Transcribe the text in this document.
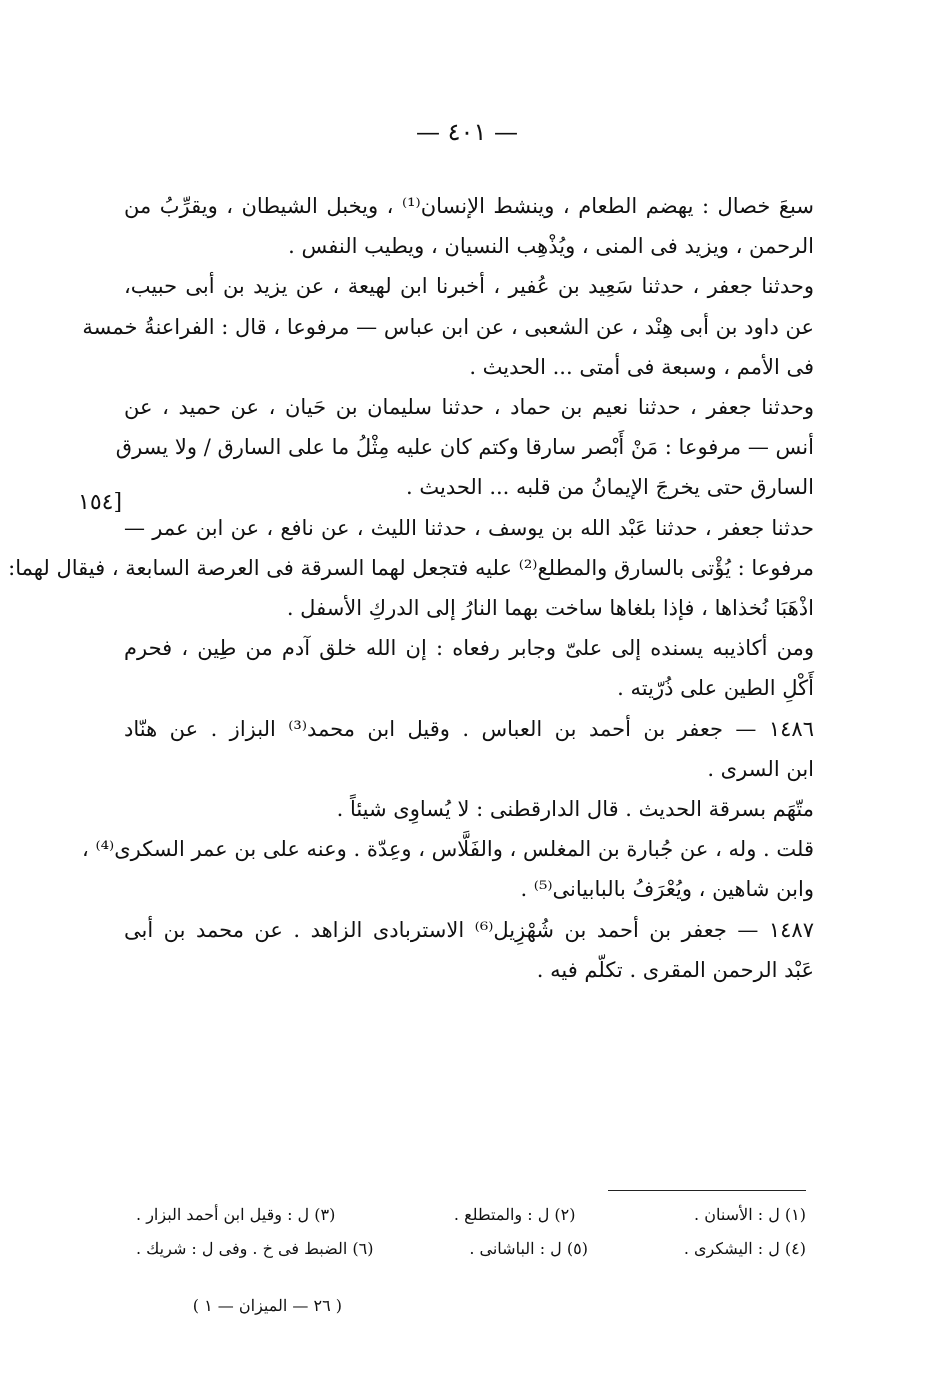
— ٤٠١ —
[١٥٤
سبعَ خصال : يهضم الطعام ، وينشط الإنسان⁽¹⁾ ، ويخبل الشيطان ، ويقرِّبُ من
الرحمن ، ويزيد فى المنى ، ويُذْهِب النسيان ، ويطيب النفس .
وحدثنا جعفر ، حدثنا سَعِيد بن عُفير ، أخبرنا ابن لهيعة ، عن يزيد بن أبى حبيب،
عن داود بن أبى هِنْد ، عن الشعبى ، عن ابن عباس — مرفوعا ، قال : الفراعنةُ خمسة
فى الأمم ، وسبعة فى أمتى ... الحديث .
وحدثنا جعفر ، حدثنا نعيم بن حماد ، حدثنا سليمان بن حَيان ، عن حميد ، عن
أنس — مرفوعا : مَنْ أَبْصر سارقا وكتم كان عليه مِثْلُ ما على السارق / ولا يسرق
السارق حتى يخرجَ الإيمانُ من قلبه ... الحديث .
حدثنا جعفر ، حدثنا عَبْد الله بن يوسف ، حدثنا الليث ، عن نافع ، عن ابن عمر —
مرفوعا : يُؤْتى بالسارق والمطلع⁽²⁾ عليه فتجعل لهما السرقة فى العرصة السابعة ، فيقال لهما:
اذْهَبَا نُخذاها ، فإذا بلغاها ساخت بهما النارُ إلى الدركِ الأسفل .
ومن أكاذيبه يسنده إلى علىّ وجابر رفعاه : إن الله خلق آدم من طِين ، فحرم
أَكْلِ الطين على ذُرّيته .
١٤٨٦ — جعفر بن أحمد بن العباس . وقيل ابن محمد⁽³⁾ البزاز . عن هنّاد
ابن السرى .
متّهَم بسرقة الحديث . قال الدارقطنى : لا يُساوِى شيئاً .
قلت . وله ، عن جُبارة بن المغلس ، والفَلَّاس ، وعِدّة . وعنه على بن عمر السكرى⁽⁴⁾ ،
وابن شاهين ، ويُعْرَفُ بالبابيانى⁽⁵⁾ .
١٤٨٧ — جعفر بن أحمد بن شُهْزِيل⁽⁶⁾ الاستربادى الزاهد . عن محمد بن أبى
عَبْد الرحمن المقرى . تكلّم فيه .
(١) ل : الأسنان .
(٢) ل : والمتطلع .
(٣) ل : وقيل ابن أحمد البزار .
(٤) ل : اليشكرى .
(٥) ل : الباشانى .
(٦) الضبط فى خ . وفى ل : شريك .
( ٢٦ — الميزان — ١ )
